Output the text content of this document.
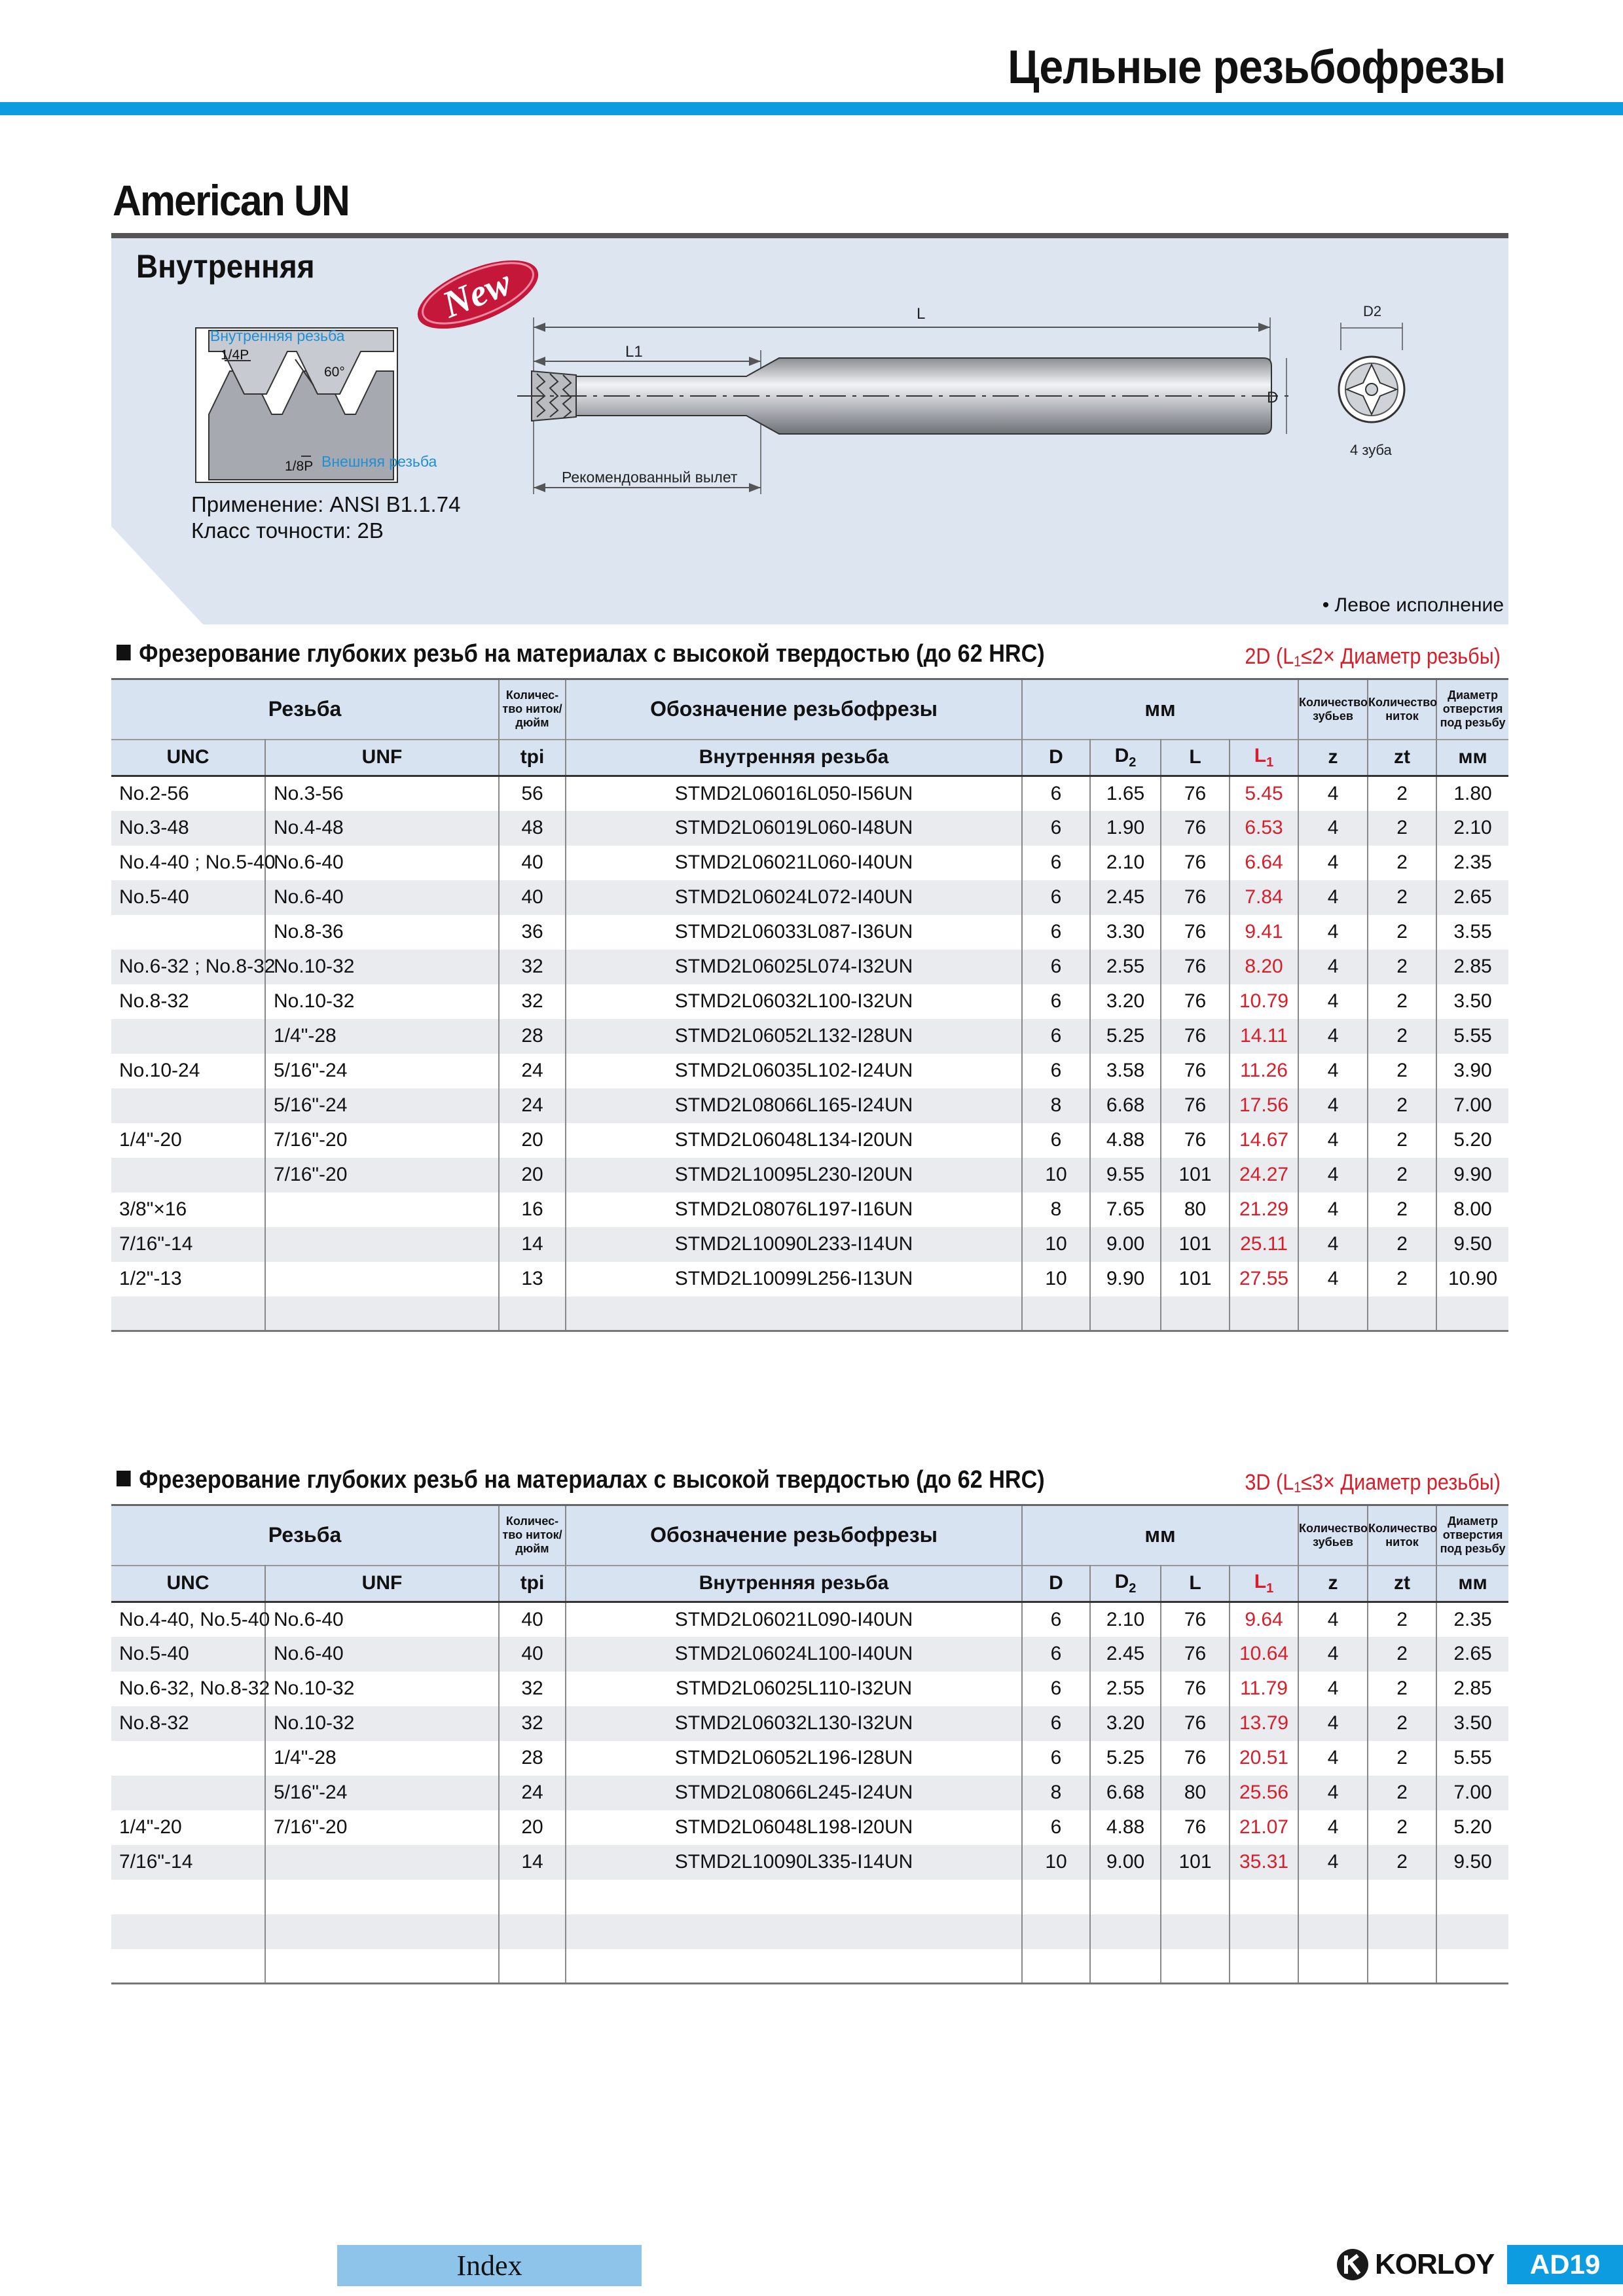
Цельные резьбофрезы
American UN
Внутренняя	New
Внутренняя резьба
1/4P
60°
1/8P Внешняя резьба
L
L1
D
Рекомендованный вылет
D2
4 зуба
Применение: ANSI B1.1.74
Класс точности: 2B
• Левое исполнение
Фрезерование глубоких резьб на материалах с высокой твердостью (до 62 HRC)	2D ($L_1\le 2\times$ Диаметр резьбы)
Резьба		Количес-тво ниток/ дюйм	Обозначение резьбофрезы	мм				Количество зубьев	Количество ниток	Диаметр отверстия под резьбу
UNC	UNF	tpi	Внутренняя резьба	D	$D_2$	L	$L_1$	z	zt	мм
No.2-56	No.3-56	56	STMD2L06016L050-I56UN	6	1.65	76	5.45	4	2	1.80
No.3-48	No.4-48	48	STMD2L06019L060-I48UN	6	1.90	76	6.53	4	2	2.10
No.4-40 ; No.5-40	No.6-40	40	STMD2L06021L060-I40UN	6	2.10	76	6.64	4	2	2.35
No.5-40	No.6-40	40	STMD2L06024L072-I40UN	6	2.45	76	7.84	4	2	2.65
	No.8-36	36	STMD2L06033L087-I36UN	6	3.30	76	9.41	4	2	3.55
No.6-32 ; No.8-32	No.10-32	32	STMD2L06025L074-I32UN	6	2.55	76	8.20	4	2	2.85
No.8-32	No.10-32	32	STMD2L06032L100-I32UN	6	3.20	76	10.79	4	2	3.50
	1/4"-28	28	STMD2L06052L132-I28UN	6	5.25	76	14.11	4	2	5.55
No.10-24	5/16"-24	24	STMD2L06035L102-I24UN	6	3.58	76	11.26	4	2	3.90
	5/16"-24	24	STMD2L08066L165-I24UN	8	6.68	76	17.56	4	2	7.00
1/4"-20	7/16"-20	20	STMD2L06048L134-I20UN	6	4.88	76	14.67	4	2	5.20
	7/16"-20	20	STMD2L10095L230-I20UN	10	9.55	101	24.27	4	2	9.90
3/8"×16		16	STMD2L08076L197-I16UN	8	7.65	80	21.29	4	2	8.00
7/16"-14		14	STMD2L10090L233-I14UN	10	9.00	101	25.11	4	2	9.50
1/2"-13		13	STMD2L10099L256-I13UN	10	9.90	101	27.55	4	2	10.90

Фрезерование глубоких резьб на материалах с высокой твердостью (до 62 HRC)	3D ($L_1\le 3\times$ Диаметр резьбы)
Резьба		Количес-тво ниток/ дюйм	Обозначение резьбофрезы	мм				Количество зубьев	Количество ниток	Диаметр отверстия под резьбу
UNC	UNF	tpi	Внутренняя резьба	D	$D_2$	L	$L_1$	z	zt	мм
No.4-40, No.5-40	No.6-40	40	STMD2L06021L090-I40UN	6	2.10	76	9.64	4	2	2.35
No.5-40	No.6-40	40	STMD2L06024L100-I40UN	6	2.45	76	10.64	4	2	2.65
No.6-32, No.8-32	No.10-32	32	STMD2L06025L110-I32UN	6	2.55	76	11.79	4	2	2.85
No.8-32	No.10-32	32	STMD2L06032L130-I32UN	6	3.20	76	13.79	4	2	3.50
	1/4"-28	28	STMD2L06052L196-I28UN	6	5.25	76	20.51	4	2	5.55
	5/16"-24	24	STMD2L08066L245-I24UN	8	6.68	80	25.56	4	2	7.00
1/4"-20	7/16"-20	20	STMD2L06048L198-I20UN	6	4.88	76	21.07	4	2	5.20
7/16"-14		14	STMD2L10090L335-I14UN	10	9.00	101	35.31	4	2	9.50

Index	KORLOY	AD19
